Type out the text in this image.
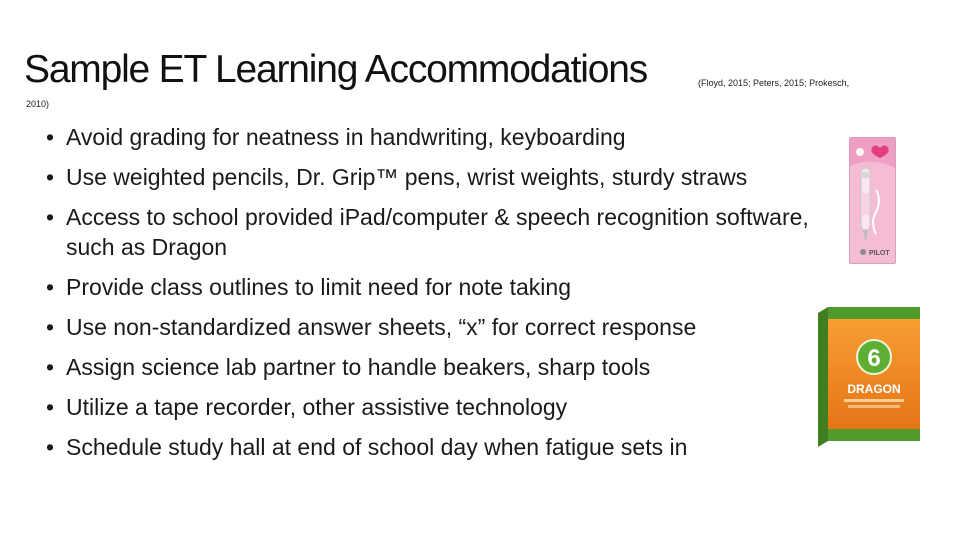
Sample ET Learning Accommodations	(Floyd, 2015; Peters, 2015; Prokesch,
2010)
• Avoid grading for neatness in handwriting, keyboarding
• Use weighted pencils, Dr. Grip™ pens, wrist weights, sturdy straws
• Access to school provided iPad/computer & speech recognition software, such as Dragon
• Provide class outlines to limit need for note taking
• Use non-standardized answer sheets, “x” for correct response
• Assign science lab partner to handle beakers, sharp tools
• Utilize a tape recorder, other assistive technology
• Schedule study hall at end of school day when fatigue sets in
PILOT
6
DRAGON
